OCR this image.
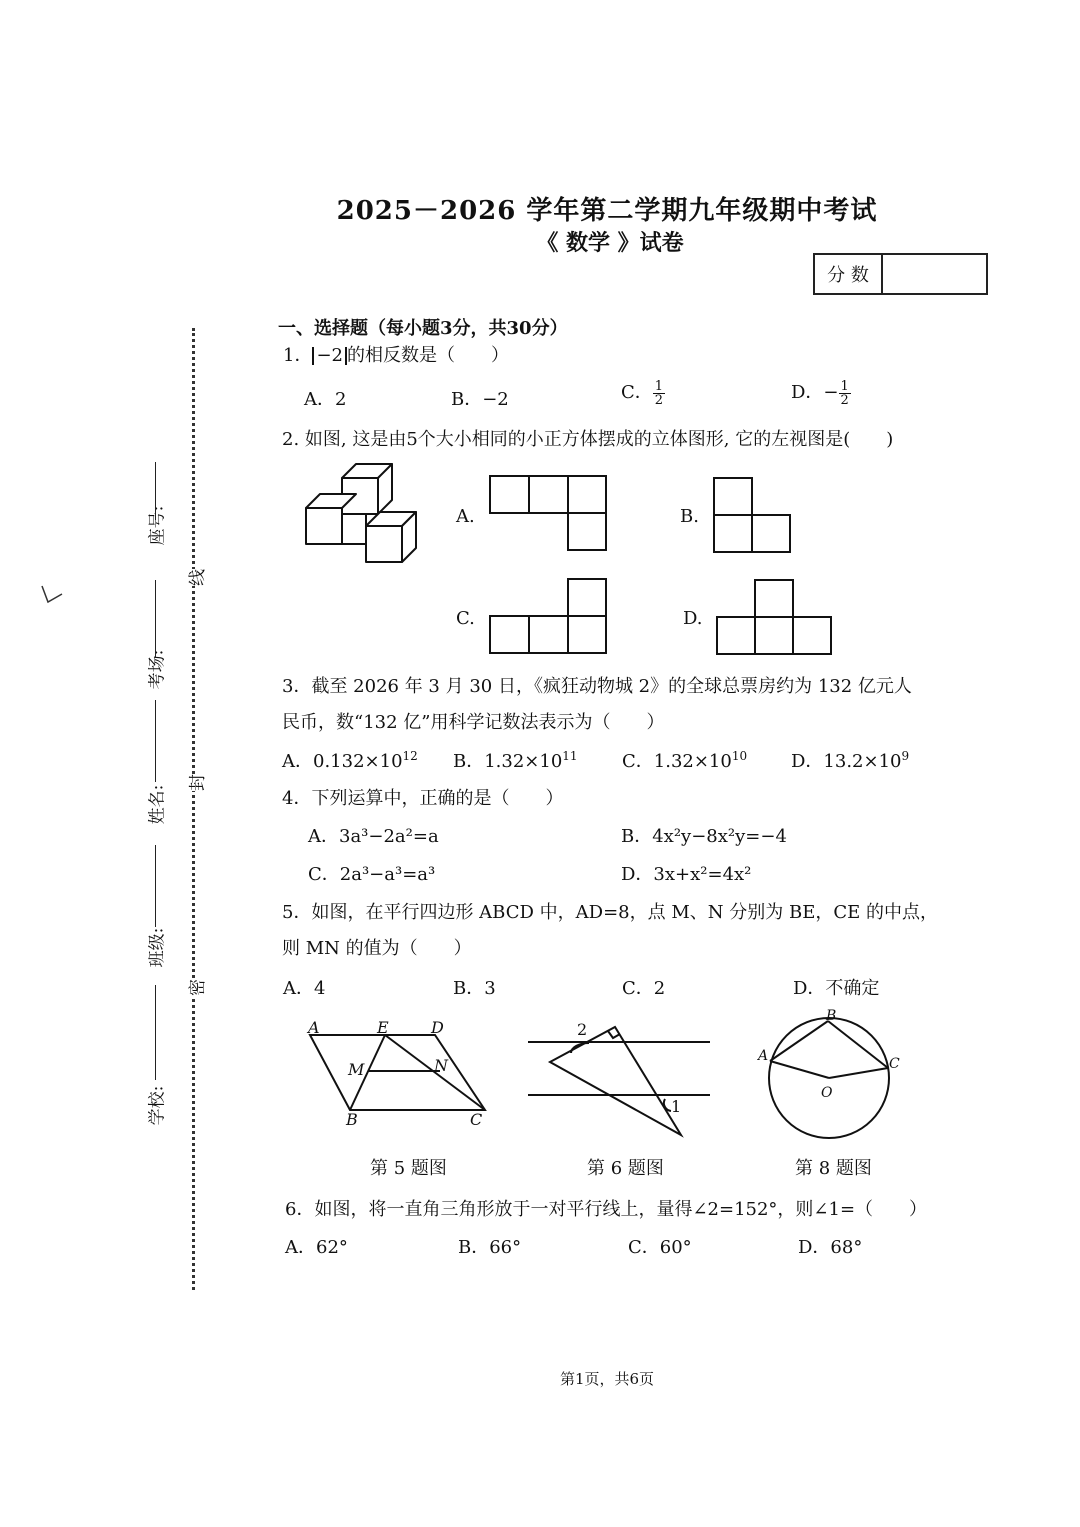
2025－2026 学年第二学期九年级期中考试
《 数学 》试卷
分 数
座号:
考场:
姓名:
班级:
学校:
线
封
密
一、选择题（每小题3分，共30分）
1． −2 的相反数是（　　）
A．2	B．−2	C． $\frac{1}{2}$	D．− $\frac{1}{2}$
2. 如图, 这是由5个大小相同的小正方体摆成的立体图形, 它的左视图是(　　)
A.	B.
C.	D.
3．截至 2026 年 3 月 30 日，《疯狂动物城 2》的全球总票房约为 132 亿元人
民币，数“132 亿”用科学记数法表示为（　　）
A．$0.132\times 10^{12}$ B．$1.32\times 10^{11}$ C．$1.32\times 10^{10}$ D．$13.2\times 10^9$
4．下列运算中，正确的是（　　）
A．3a³−2a²=a	B．4x²y−8x²y=−4
C．2a³−a³=a³	D．3x+x²=4x²
5．如图，在平行四边形 ABCD 中，AD=8，点 M、N 分别为 BE，CE 的中点，
则 MN 的值为（　　）
A．4	B．3	C．2	D．不确定
A	E	D
M	N
B	C
第 5 题图
2
1
第 6 题图
A
B
C
O
第 8 题图
6．如图，将一直角三角形放于一对平行线上，量得∠2=152°，则∠1=（　　）
A．62°	B．66°	C．60°	D．68°
第1页，共6页
